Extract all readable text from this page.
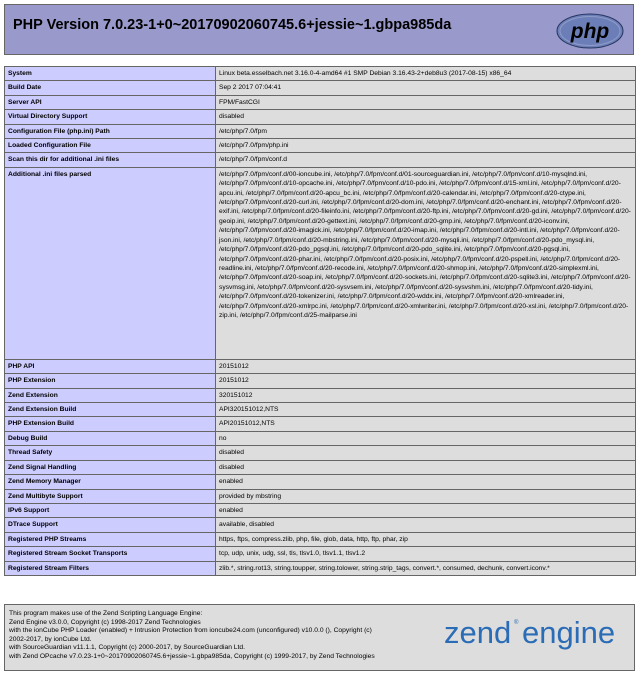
PHP Version 7.0.23-1+0~20170902060745.6+jessie~1.gbpa985da	php
System	Linux beta.esselbach.net 3.16.0-4-amd64 #1 SMP Debian 3.16.43-2+deb8u3 (2017-08-15) x86_64
Build Date	Sep 2 2017 07:04:41
Server API	FPM/FastCGI
Virtual Directory Support	disabled
Configuration File (php.ini) Path	/etc/php/7.0/fpm
Loaded Configuration File	/etc/php/7.0/fpm/php.ini
Scan this dir for additional .ini files	/etc/php/7.0/fpm/conf.d
Additional .ini files parsed	/etc/php/7.0/fpm/conf.d/00-ioncube.ini, /etc/php/7.0/fpm/conf.d/01-sourceguardian.ini, /etc/php/7.0/fpm/conf.d/10-mysqlnd.ini, /etc/php/7.0/fpm/conf.d/10-opcache.ini, /etc/php/7.0/fpm/conf.d/10-pdo.ini, /etc/php/7.0/fpm/conf.d/15-xml.ini, /etc/php/7.0/fpm/conf.d/20-apcu.ini, /etc/php/7.0/fpm/conf.d/20-apcu_bc.ini, /etc/php/7.0/fpm/conf.d/20-calendar.ini, /etc/php/7.0/fpm/conf.d/20-ctype.ini, /etc/php/7.0/fpm/conf.d/20-curl.ini, /etc/php/7.0/fpm/conf.d/20-dom.ini, /etc/php/7.0/fpm/conf.d/20-enchant.ini, /etc/php/7.0/fpm/conf.d/20-exif.ini, /etc/php/7.0/fpm/conf.d/20-fileinfo.ini, /etc/php/7.0/fpm/conf.d/20-ftp.ini, /etc/php/7.0/fpm/conf.d/20-gd.ini, /etc/php/7.0/fpm/conf.d/20-geoip.ini, /etc/php/7.0/fpm/conf.d/20-gettext.ini, /etc/php/7.0/fpm/conf.d/20-gmp.ini, /etc/php/7.0/fpm/conf.d/20-iconv.ini, /etc/php/7.0/fpm/conf.d/20-imagick.ini, /etc/php/7.0/fpm/conf.d/20-imap.ini, /etc/php/7.0/fpm/conf.d/20-intl.ini, /etc/php/7.0/fpm/conf.d/20-json.ini, /etc/php/7.0/fpm/conf.d/20-mbstring.ini, /etc/php/7.0/fpm/conf.d/20-mysqli.ini, /etc/php/7.0/fpm/conf.d/20-pdo_mysql.ini, /etc/php/7.0/fpm/conf.d/20-pdo_pgsql.ini, /etc/php/7.0/fpm/conf.d/20-pdo_sqlite.ini, /etc/php/7.0/fpm/conf.d/20-pgsql.ini, /etc/php/7.0/fpm/conf.d/20-phar.ini, /etc/php/7.0/fpm/conf.d/20-posix.ini, /etc/php/7.0/fpm/conf.d/20-pspell.ini, /etc/php/7.0/fpm/conf.d/20-readline.ini, /etc/php/7.0/fpm/conf.d/20-recode.ini, /etc/php/7.0/fpm/conf.d/20-shmop.ini, /etc/php/7.0/fpm/conf.d/20-simplexml.ini, /etc/php/7.0/fpm/conf.d/20-soap.ini, /etc/php/7.0/fpm/conf.d/20-sockets.ini, /etc/php/7.0/fpm/conf.d/20-sqlite3.ini, /etc/php/7.0/fpm/conf.d/20-sysvmsg.ini, /etc/php/7.0/fpm/conf.d/20-sysvsem.ini, /etc/php/7.0/fpm/conf.d/20-sysvshm.ini, /etc/php/7.0/fpm/conf.d/20-tidy.ini, /etc/php/7.0/fpm/conf.d/20-tokenizer.ini, /etc/php/7.0/fpm/conf.d/20-wddx.ini, /etc/php/7.0/fpm/conf.d/20-xmlreader.ini, /etc/php/7.0/fpm/conf.d/20-xmlrpc.ini, /etc/php/7.0/fpm/conf.d/20-xmlwriter.ini, /etc/php/7.0/fpm/conf.d/20-xsl.ini, /etc/php/7.0/fpm/conf.d/20-zip.ini, /etc/php/7.0/fpm/conf.d/25-mailparse.ini
PHP API	20151012
PHP Extension	20151012
Zend Extension	320151012
Zend Extension Build	API320151012,NTS
PHP Extension Build	API20151012,NTS
Debug Build	no
Thread Safety	disabled
Zend Signal Handling	disabled
Zend Memory Manager	enabled
Zend Multibyte Support	provided by mbstring
IPv6 Support	enabled
DTrace Support	available, disabled
Registered PHP Streams	https, ftps, compress.zlib, php, file, glob, data, http, ftp, phar, zip
Registered Stream Socket Transports	tcp, udp, unix, udg, ssl, tls, tlsv1.0, tlsv1.1, tlsv1.2
Registered Stream Filters	zlib.*, string.rot13, string.toupper, string.tolower, string.strip_tags, convert.*, consumed, dechunk, convert.iconv.*
This program makes use of the Zend Scripting Language Engine:
Zend Engine v3.0.0, Copyright (c) 1998-2017 Zend Technologies
with the ionCube PHP Loader (enabled) + Intrusion Protection from ioncube24.com (unconfigured) v10.0.0 (), Copyright (c)
2002-2017, by ionCube Ltd.
with SourceGuardian v11.1.1, Copyright (c) 2000-2017, by SourceGuardian Ltd.
with Zend OPcache v7.0.23-1+0~20170902060745.6+jessie~1.gbpa985da, Copyright (c) 1999-2017, by Zend Technologies
zend ® engine
